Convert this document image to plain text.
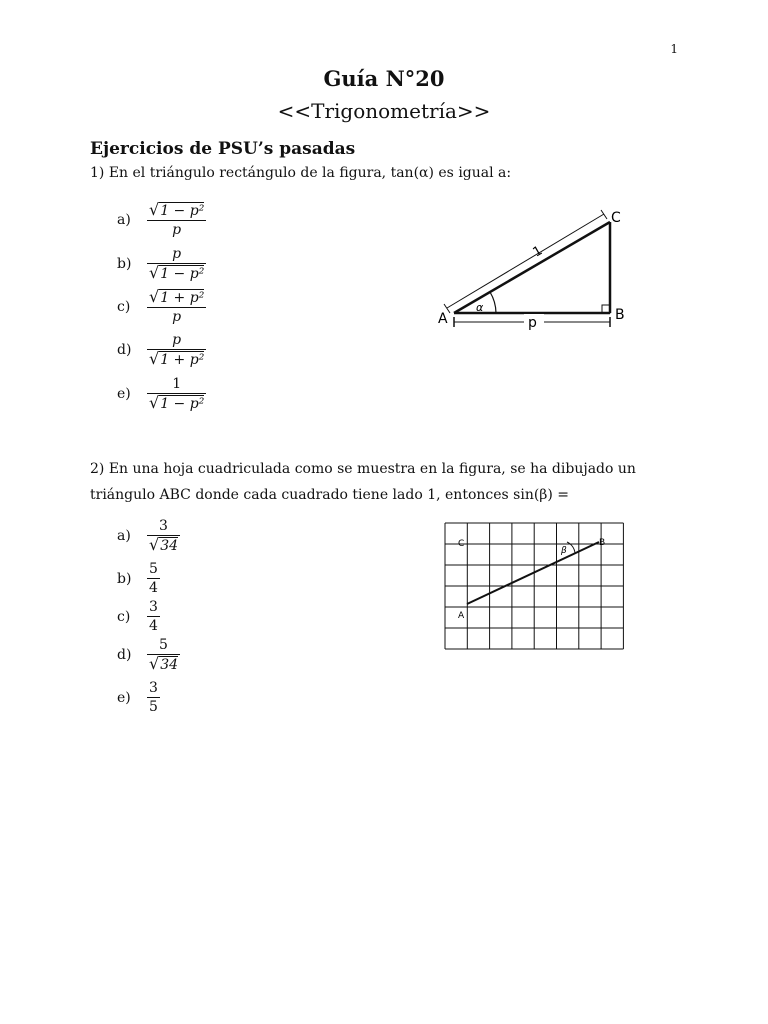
1
Guía N°20
<<Trigonometría>>
Ejercicios de PSU’s pasadas
1) En el triángulo rectángulo de la figura, tan(α) es igual a:
a)	$\frac{\text{√ 1 − p²}}{p}$
b)	$\frac{p}{\text{√ 1 − p²}}$
c)	$\frac{\text{√ 1 + p²}}{p}$
d)	$\frac{p}{\text{√ 1 + p²}}$
e)	$\frac{1}{\text{√ 1 − p²}}$
A	B
C
1
p
α
2) En una hoja cuadriculada como se muestra en la figura, se ha dibujado un triángulo ABC donde cada cuadrado tiene lado 1, entonces sin(β) =
a)	$\frac{3}{√ 34}$
b)	$\frac{5}{4}$
c)	$\frac{3}{4}$
d)	$\frac{5}{√ 34}$
e)	$\frac{3}{5}$
C	B
A
β
